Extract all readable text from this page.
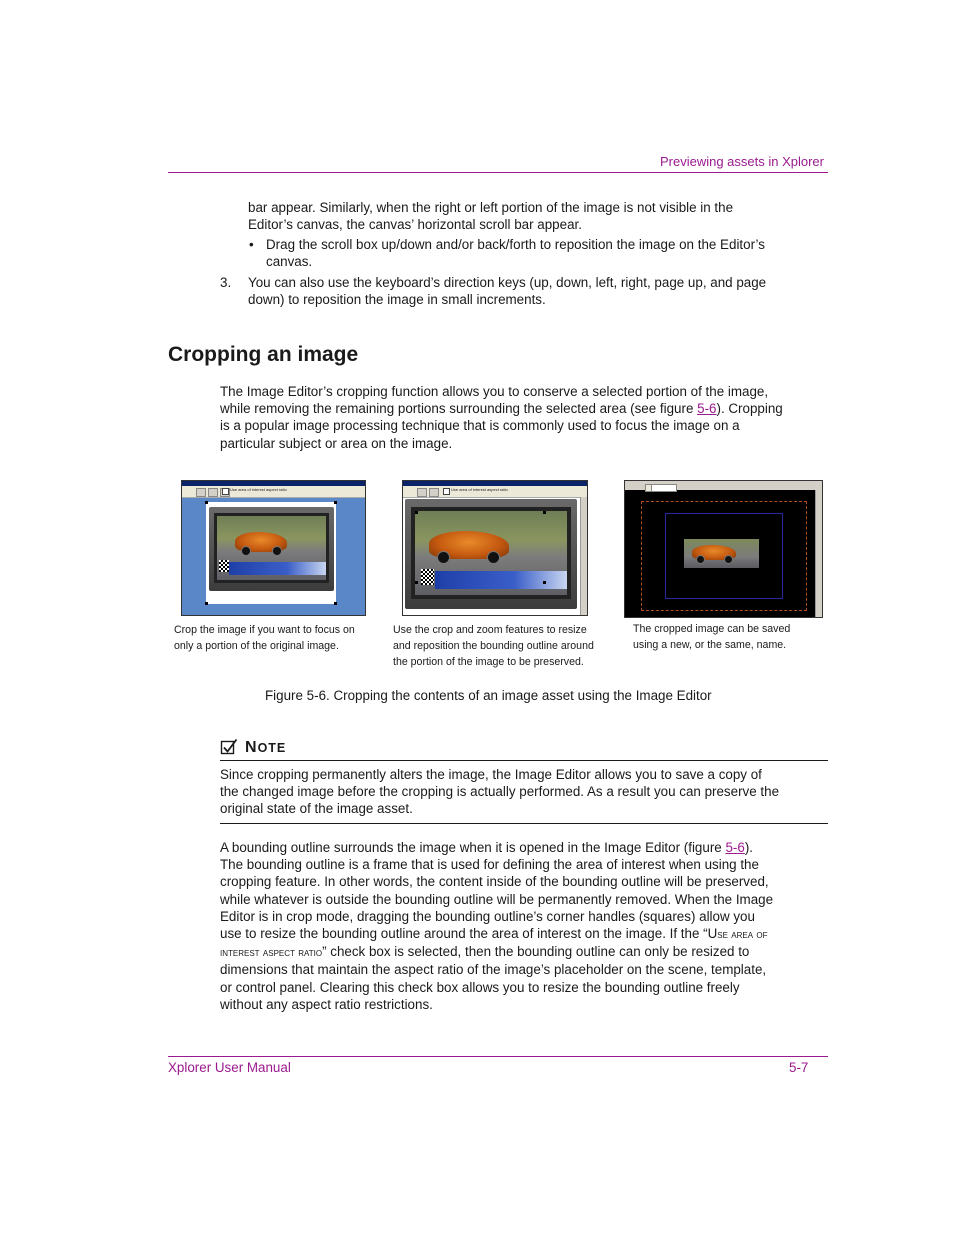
Previewing assets in Xplorer
bar appear. Similarly, when the right or left portion of the image is not visible in the Editor’s canvas, the canvas’ horizontal scroll bar appear.
• Drag the scroll box up/down and/or back/forth to reposition the image on the Editor’s canvas.
3. You can also use the keyboard’s direction keys (up, down, left, right, page up, and page down) to reposition the image in small increments.
Cropping an image
The Image Editor’s cropping function allows you to conserve a selected portion of the image, while removing the remaining portions surrounding the selected area (see figure 5-6). Cropping is a popular image processing technique that is commonly used to focus the image on a particular subject or area on the image.
Use area of interest aspect ratio	Use area of interest aspect ratio
Crop the image if you want to focus on only a portion of the original image.
Use the crop and zoom features to resize and reposition the bounding outline around the portion of the image to be preserved.
The cropped image can be saved using a new, or the same, name.
Figure 5-6. Cropping the contents of an image asset using the Image Editor
NOTE
Since cropping permanently alters the image, the Image Editor allows you to save a copy of the changed image before the cropping is actually performed. As a result you can preserve the original state of the image asset.
A bounding outline surrounds the image when it is opened in the Image Editor (figure 5-6). The bounding outline is a frame that is used for defining the area of interest when using the cropping feature. In other words, the content inside of the bounding outline will be preserved, while whatever is outside the bounding outline will be permanently removed. When the Image Editor is in crop mode, dragging the bounding outline’s corner handles (squares) allow you use to resize the bounding outline around the area of interest on the image. If the “Use area of interest aspect ratio” check box is selected, then the bounding outline can only be resized to dimensions that maintain the aspect ratio of the image’s placeholder on the scene, template, or control panel. Clearing this check box allows you to resize the bounding outline freely without any aspect ratio restrictions.
Xplorer User Manual	5-7
